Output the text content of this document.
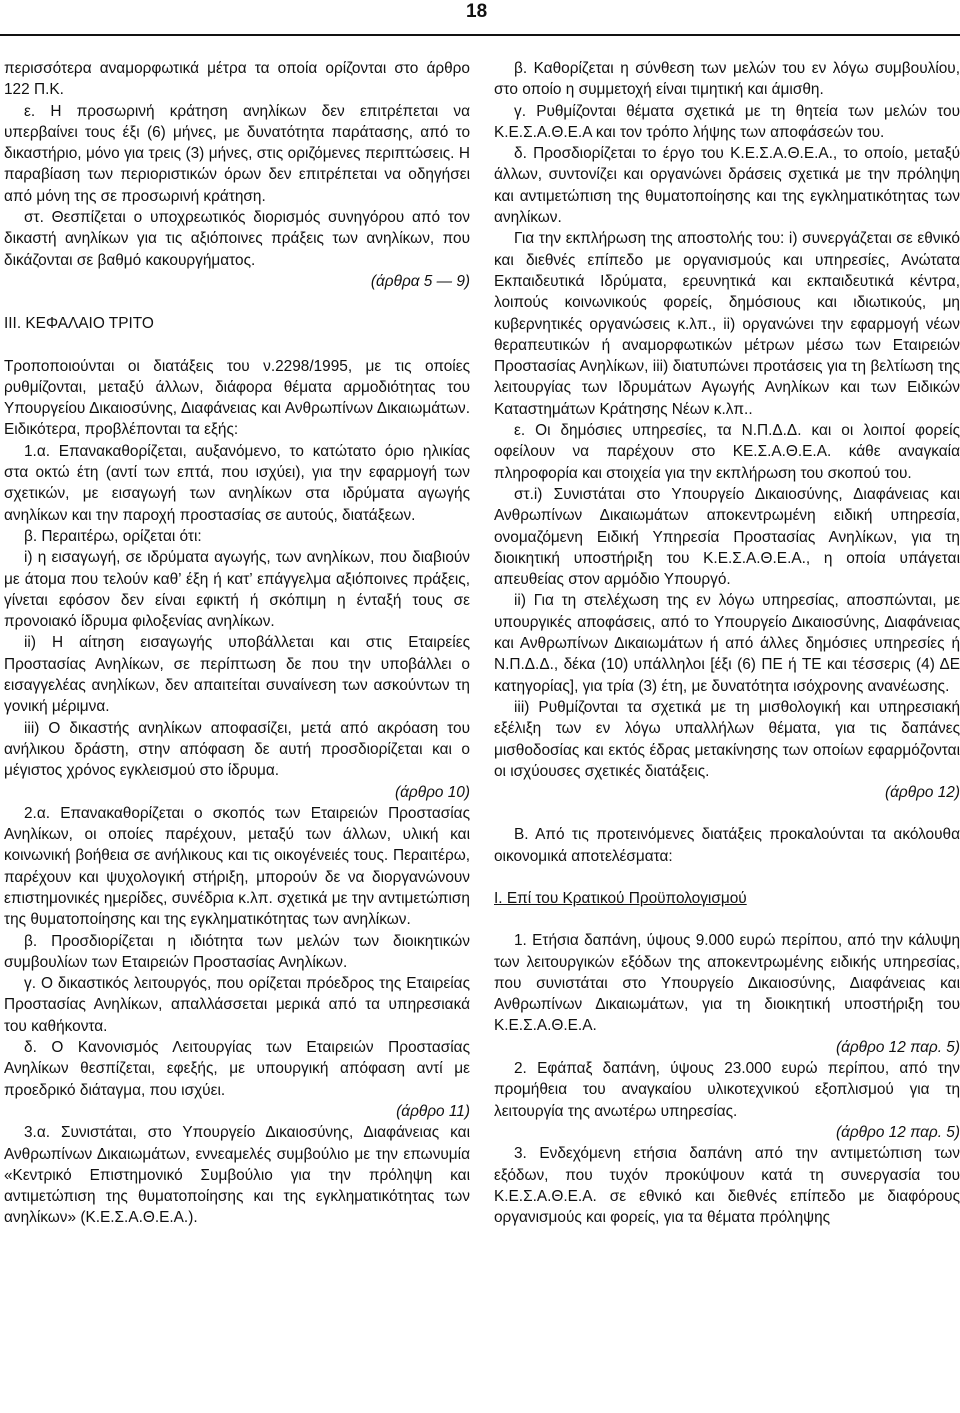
18

περισσότερα αναμορφωτικά μέτρα τα οποία ορίζονται στο άρθρο 122 Π.Κ.

ε. Η προσωρινή κράτηση ανηλίκων δεν επιτρέπεται να υπερβαίνει τους έξι (6) μήνες, με δυνατότητα παράτασης, από το δικαστήριο, μόνο για τρεις (3) μήνες, στις οριζόμενες περιπτώσεις. Η παραβίαση των περιοριστικών όρων δεν επιτρέπεται να οδηγήσει από μόνη της σε προσωρινή κράτηση.

στ. Θεσπίζεται ο υποχρεωτικός διορισμός συνηγόρου από τον δικαστή ανηλίκων για τις αξιόποινες πράξεις των ανηλίκων, που δικάζονται σε βαθμό κακουργήματος.

(άρθρα 5 — 9)

ΙΙΙ. ΚΕΦΑΛΑΙΟ ΤΡΙΤΟ

Τροποποιούνται οι διατάξεις του ν.2298/1995, με τις οποίες ρυθμίζονται, μεταξύ άλλων, διάφορα θέματα αρμοδιότητας του Υπουργείου Δικαιοσύνης, Διαφάνειας και Ανθρωπίνων Δικαιωμάτων. Ειδικότερα, προβλέπονται τα εξής:

1.α. Επανακαθορίζεται, αυξανόμενο, το κατώτατο όριο ηλικίας στα οκτώ έτη (αντί των επτά, που ισχύει), για την εφαρμογή των σχετικών, με εισαγωγή των ανηλίκων στα ιδρύματα αγωγής ανηλίκων και την παροχή προστασίας σε αυτούς, διατάξεων.

β. Περαιτέρω, ορίζεται ότι:

i) η εισαγωγή, σε ιδρύματα αγωγής, των ανηλίκων, που διαβιούν με άτομα που τελούν καθ’ έξη ή κατ’ επάγγελμα αξιόποινες πράξεις, γίνεται εφόσον δεν είναι εφικτή ή σκόπιμη η ένταξή τους σε προνοιακό ίδρυμα φιλοξενίας ανηλίκων.

ii) Η αίτηση εισαγωγής υποβάλλεται και στις Εταιρείες Προστασίας Ανηλίκων, σε περίπτωση δε που την υποβάλλει ο εισαγγελέας ανηλίκων, δεν απαιτείται συναίνεση των ασκούντων τη γονική μέριμνα.

iii) Ο δικαστής ανηλίκων αποφασίζει, μετά από ακρόαση του ανήλικου δράστη, στην απόφαση δε αυτή προσδιορίζεται και ο μέγιστος χρόνος εγκλεισμού στο ίδρυμα.

(άρθρο 10)

2.α. Επανακαθορίζεται ο σκοπός των Εταιρειών Προστασίας Ανηλίκων, οι οποίες παρέχουν, μεταξύ των άλλων, υλική και κοινωνική βοήθεια σε ανήλικους και τις οικογένειές τους. Περαιτέρω, παρέχουν και ψυχολογική στήριξη, μπορούν δε να διοργανώνουν επιστημονικές ημερίδες, συνέδρια κ.λπ. σχετικά με την αντιμετώπιση της θυματοποίησης και της εγκληματικότητας των ανηλίκων.

β. Προσδιορίζεται η ιδιότητα των μελών των διοικητικών συμβουλίων των Εταιρειών Προστασίας Ανηλίκων.

γ. Ο δικαστικός λειτουργός, που ορίζεται πρόεδρος της Εταιρείας Προστασίας Ανηλίκων, απαλλάσσεται μερικά από τα υπηρεσιακά του καθήκοντα.

δ. Ο Κανονισμός Λειτουργίας των Εταιρειών Προστασίας Ανηλίκων θεσπίζεται, εφεξής, με υπουργική απόφαση αντί με προεδρικό διάταγμα, που ισχύει.

(άρθρο 11)

3.α. Συνιστάται, στο Υπουργείο Δικαιοσύνης, Διαφάνειας και Ανθρωπίνων Δικαιωμάτων, εννεαμελές συμβούλιο με την επωνυμία «Κεντρικό Επιστημονικό Συμβούλιο για την πρόληψη και αντιμετώπιση της θυματοποίησης και της εγκληματικότητας των ανηλίκων» (Κ.Ε.Σ.Α.Θ.Ε.Α.).

β. Καθορίζεται η σύνθεση των μελών του εν λόγω συμβουλίου, στο οποίο η συμμετοχή είναι τιμητική και άμισθη.

γ. Ρυθμίζονται θέματα σχετικά με τη θητεία των μελών του Κ.Ε.Σ.Α.Θ.Ε.Α και τον τρόπο λήψης των αποφάσεών του.

δ. Προσδιορίζεται το έργο του Κ.Ε.Σ.Α.Θ.Ε.Α., το οποίο, μεταξύ άλλων, συντονίζει και οργανώνει δράσεις σχετικά με την πρόληψη και αντιμετώπιση της θυματοποίησης και της εγκληματικότητας των ανηλίκων.

Για την εκπλήρωση της αποστολής του: i) συνεργάζεται σε εθνικό και διεθνές επίπεδο με οργανισμούς και υπηρεσίες, Ανώτατα Εκπαιδευτικά Ιδρύματα, ερευνητικά και εκπαιδευτικά κέντρα, λοιπούς κοινωνικούς φορείς, δημόσιους και ιδιωτικούς, μη κυβερνητικές οργανώσεις κ.λπ., ii) οργανώνει την εφαρμογή νέων θεραπευτικών ή αναμορφωτικών μέτρων μέσω των Εταιρειών Προστασίας Ανηλίκων, iii) διατυπώνει προτάσεις για τη βελτίωση της λειτουργίας των Ιδρυμάτων Αγωγής Ανηλίκων και των Ειδικών Καταστημάτων Κράτησης Νέων κ.λπ..

ε. Οι δημόσιες υπηρεσίες, τα Ν.Π.Δ.Δ. και οι λοιποί φορείς οφείλουν να παρέχουν στο ΚΕ.Σ.Α.Θ.Ε.Α. κάθε αναγκαία πληροφορία και στοιχεία για την εκπλήρωση του σκοπού του.

στ.i) Συνιστάται στο Υπουργείο Δικαιοσύνης, Διαφάνειας και Ανθρωπίνων Δικαιωμάτων αποκεντρωμένη ειδική υπηρεσία, ονομαζόμενη Ειδική Υπηρεσία Προστασίας Ανηλίκων, για τη διοικητική υποστήριξη του Κ.Ε.Σ.Α.Θ.Ε.Α., η οποία υπάγεται απευθείας στον αρμόδιο Υπουργό.

ii) Για τη στελέχωση της εν λόγω υπηρεσίας, αποσπώνται, με υπουργικές αποφάσεις, από το Υπουργείο Δικαιοσύνης, Διαφάνειας και Ανθρωπίνων Δικαιωμάτων ή από άλλες δημόσιες υπηρεσίες ή Ν.Π.Δ.Δ., δέκα (10) υπάλληλοι [έξι (6) ΠΕ ή ΤΕ και τέσσερις (4) ΔΕ κατηγορίας], για τρία (3) έτη, με δυνατότητα ισόχρονης ανανέωσης.

iii) Ρυθμίζονται τα σχετικά με τη μισθολογική και υπηρεσιακή εξέλιξη των εν λόγω υπαλλήλων θέματα, για τις δαπάνες μισθοδοσίας και εκτός έδρας μετακίνησης των οποίων εφαρμόζονται οι ισχύουσες σχετικές διατάξεις.

(άρθρο 12)

Β. Από τις προτεινόμενες διατάξεις προκαλούνται τα ακόλουθα οικονομικά αποτελέσματα:

Ι. Επί του Κρατικού Προϋπολογισμού

1. Ετήσια δαπάνη, ύψους 9.000 ευρώ περίπου, από την κάλυψη των λειτουργικών εξόδων της αποκεντρωμένης ειδικής υπηρεσίας, που συνιστάται στο Υπουργείο Δικαιοσύνης, Διαφάνειας και Ανθρωπίνων Δικαιωμάτων, για τη διοικητική υποστήριξη του Κ.Ε.Σ.Α.Θ.Ε.Α.

(άρθρο 12 παρ. 5)

2. Εφάπαξ δαπάνη, ύψους 23.000 ευρώ περίπου, από την προμήθεια του αναγκαίου υλικοτεχνικού εξοπλισμού για τη λειτουργία της ανωτέρω υπηρεσίας.

(άρθρο 12 παρ. 5)

3. Ενδεχόμενη ετήσια δαπάνη από την αντιμετώπιση των εξόδων, που τυχόν προκύψουν κατά τη συνεργασία του Κ.Ε.Σ.Α.Θ.Ε.Α. σε εθνικό και διεθνές επίπεδο με διαφόρους οργανισμούς και φορείς, για τα θέματα πρόληψης
